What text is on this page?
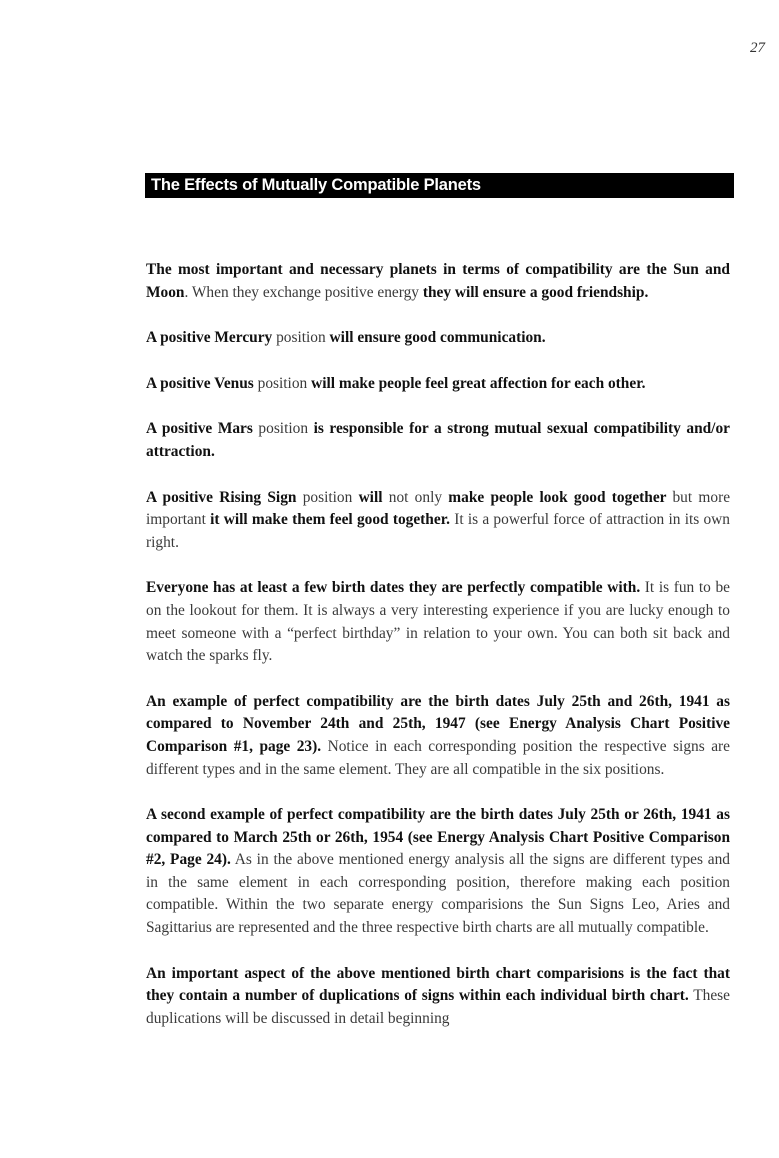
27
The Effects of Mutually Compatible Planets

The most important and necessary planets in terms of compatibility are the Sun and Moon. When they exchange positive energy they will ensure a good friendship.

A positive Mercury position will ensure good communication.

A positive Venus position will make people feel great affection for each other.

A positive Mars position is responsible for a strong mutual sexual compatibility and/or attraction.

A positive Rising Sign position will not only make people look good together but more important it will make them feel good together. It is a powerful force of attraction in its own right.

Everyone has at least a few birth dates they are perfectly compatible with. It is fun to be on the lookout for them. It is always a very interesting experience if you are lucky enough to meet someone with a “perfect birthday” in relation to your own. You can both sit back and watch the sparks fly.

An example of perfect compatibility are the birth dates July 25th and 26th, 1941 as compared to November 24th and 25th, 1947 (see Energy Analysis Chart Positive Comparison #1, page 23). Notice in each corresponding position the respective signs are different types and in the same element. They are all compatible in the six positions.

A second example of perfect compatibility are the birth dates July 25th or 26th, 1941 as compared to March 25th or 26th, 1954 (see Energy Analysis Chart Positive Comparison #2, Page 24). As in the above mentioned energy analysis all the signs are different types and in the same element in each corresponding position, therefore making each position compatible. Within the two separate energy comparisions the Sun Signs Leo, Aries and Sagittarius are represented and the three respective birth charts are all mutually compatible.

An important aspect of the above mentioned birth chart comparisions is the fact that they contain a number of duplications of signs within each individual birth chart. These duplications will be discussed in detail beginning
